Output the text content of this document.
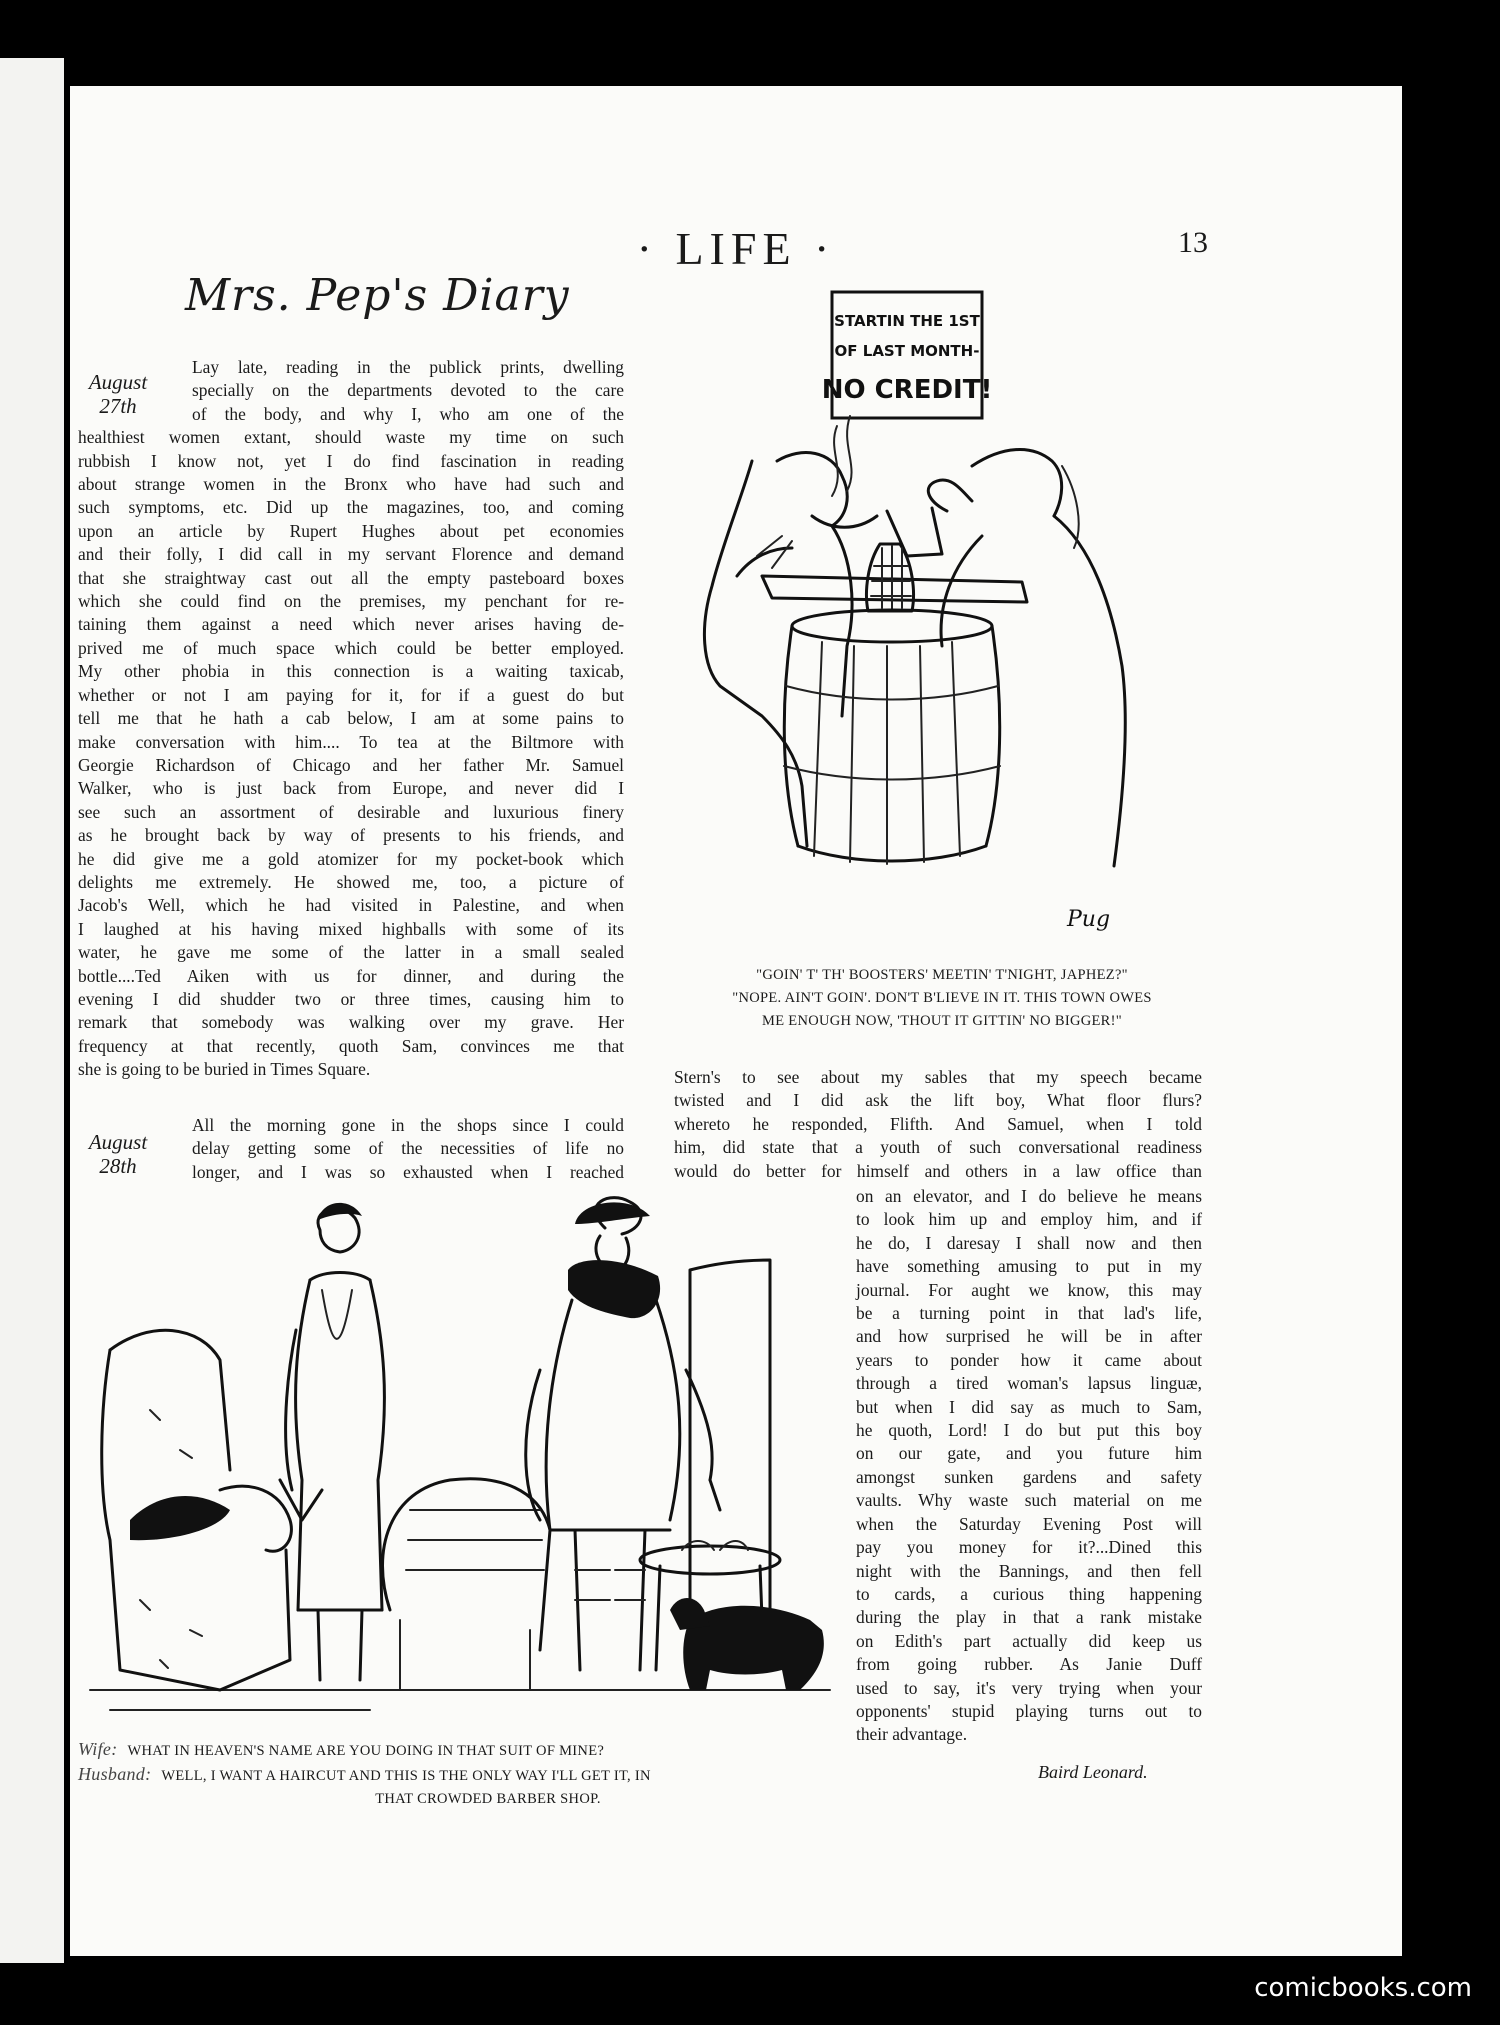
· LIFE ·	13
Mrs. Pep's Diary
August
27th
Lay late, reading in the publick prints, dwelling
specially on the departments devoted to the care
of the body, and why I, who am one of the
healthiest women extant, should waste my time on such
rubbish I know not, yet I do find fascination in reading
about strange women in the Bronx who have had such and
such symptoms, etc. Did up the magazines, too, and coming
upon an article by Rupert Hughes about pet economies
and their folly, I did call in my servant Florence and demand
that she straightway cast out all the empty pasteboard boxes
which she could find on the premises, my penchant for re-
taining them against a need which never arises having de-
prived me of much space which could be better employed.
My other phobia in this connection is a waiting taxicab,
whether or not I am paying for it, for if a guest do but
tell me that he hath a cab below, I am at some pains to
make conversation with him.... To tea at the Biltmore with
Georgie Richardson of Chicago and her father Mr. Samuel
Walker, who is just back from Europe, and never did I
see such an assortment of desirable and luxurious finery
as he brought back by way of presents to his friends, and
he did give me a gold atomizer for my pocket-book which
delights me extremely. He showed me, too, a picture of
Jacob's Well, which he had visited in Palestine, and when
I laughed at his having mixed highballs with some of its
water, he gave me some of the latter in a small sealed
bottle....Ted Aiken with us for dinner, and during the
evening I did shudder two or three times, causing him to
remark that somebody was walking over my grave. Her
frequency at that recently, quoth Sam, convinces me that
she is going to be buried in Times Square.
August
28th
All the morning gone in the shops since I could
delay getting some of the necessities of life no
longer, and I was so exhausted when I reached
STARTIN THE 1ST
OF LAST MONTH-
NO CREDIT!
Pug
"GOIN' T' TH' BOOSTERS' MEETIN' T'NIGHT, JAPHEZ?"
"NOPE. AIN'T GOIN'. DON'T B'LIEVE IN IT. THIS TOWN OWES
ME ENOUGH NOW, 'THOUT IT GITTIN' NO BIGGER!"
Stern's to see about my sables that my speech became
twisted and I did ask the lift boy, What floor flurs?
whereto he responded, Flifth. And Samuel, when I told
him, did state that a youth of such conversational readiness
would do better for himself and others in a law office than
on an elevator, and I do believe he means
to look him up and employ him, and if
he do, I daresay I shall now and then
have something amusing to put in my
journal. For aught we know, this may
be a turning point in that lad's life,
and how surprised he will be in after
years to ponder how it came about
through a tired woman's lapsus linguæ,
but when I did say as much to Sam,
he quoth, Lord! I do but put this boy
on our gate, and you future him
amongst sunken gardens and safety
vaults. Why waste such material on me
when the Saturday Evening Post will
pay you money for it?...Dined this
night with the Bannings, and then fell
to cards, a curious thing happening
during the play in that a rank mistake
on Edith's part actually did keep us
from going rubber. As Janie Duff
used to say, it's very trying when your
opponents' stupid playing turns out to
their advantage.
Baird Leonard.
Wife: WHAT IN HEAVEN'S NAME ARE YOU DOING IN THAT SUIT OF MINE?
Husband: WELL, I WANT A HAIRCUT AND THIS IS THE ONLY WAY I'LL GET IT, IN
THAT CROWDED BARBER SHOP.
comicbooks.com
